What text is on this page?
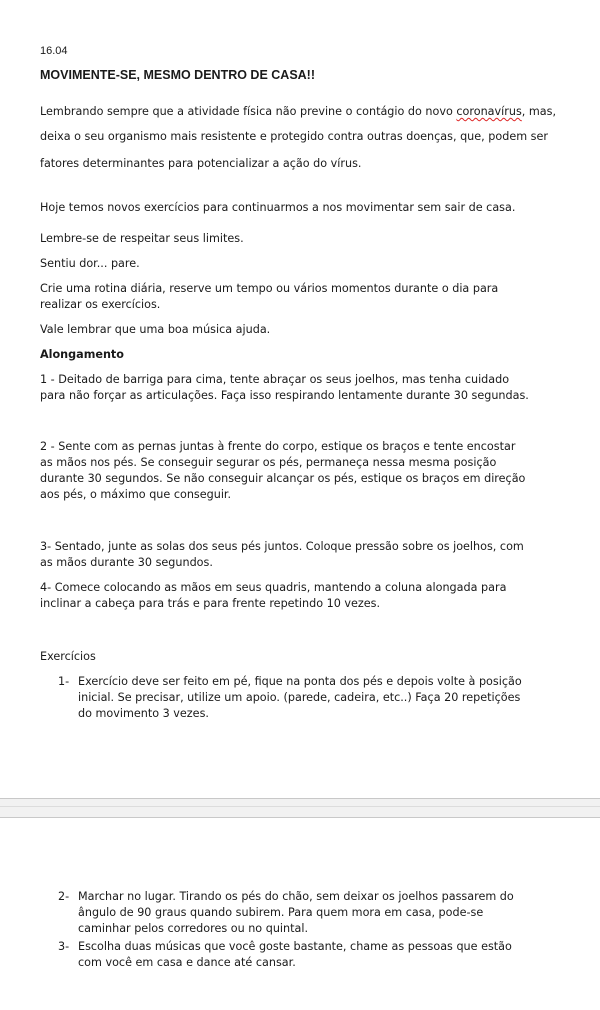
16.04

MOVIMENTE-SE, MESMO DENTRO DE CASA!!

Lembrando sempre que a atividade física não previne o contágio do novo coronavírus, mas,

deixa o seu organismo mais resistente e protegido contra outras doenças, que, podem ser

fatores determinantes para potencializar a ação do vírus.

Hoje temos novos exercícios para continuarmos a nos movimentar sem sair de casa.

Lembre-se de respeitar seus limites.

Sentiu dor... pare.

Crie uma rotina diária, reserve um tempo ou vários momentos durante o dia para realizar os exercícios.

Vale lembrar que uma boa música ajuda.

Alongamento

1 - Deitado de barriga para cima, tente abraçar os seus joelhos, mas tenha cuidado para não forçar as articulações. Faça isso respirando lentamente durante 30 segundas.

2 - Sente com as pernas juntas à frente do corpo, estique os braços e tente encostar as mãos nos pés. Se conseguir segurar os pés, permaneça nessa mesma posição durante 30 segundos. Se não conseguir alcançar os pés, estique os braços em direção aos pés, o máximo que conseguir.

3- Sentado, junte as solas dos seus pés juntos. Coloque pressão sobre os joelhos, com as mãos durante 30 segundos.

4- Comece colocando as mãos em seus quadris, mantendo a coluna alongada para inclinar a cabeça para trás e para frente repetindo 10 vezes.

Exercícios

1- Exercício deve ser feito em pé, fique na ponta dos pés e depois volte à posição inicial. Se precisar, utilize um apoio. (parede, cadeira, etc..) Faça 20 repetições do movimento 3 vezes.
2- Marchar no lugar. Tirando os pés do chão, sem deixar os joelhos passarem do ângulo de 90 graus quando subirem. Para quem mora em casa, pode-se caminhar pelos corredores ou no quintal.
3- Escolha duas músicas que você goste bastante, chame as pessoas que estão com você em casa e dance até cansar.
